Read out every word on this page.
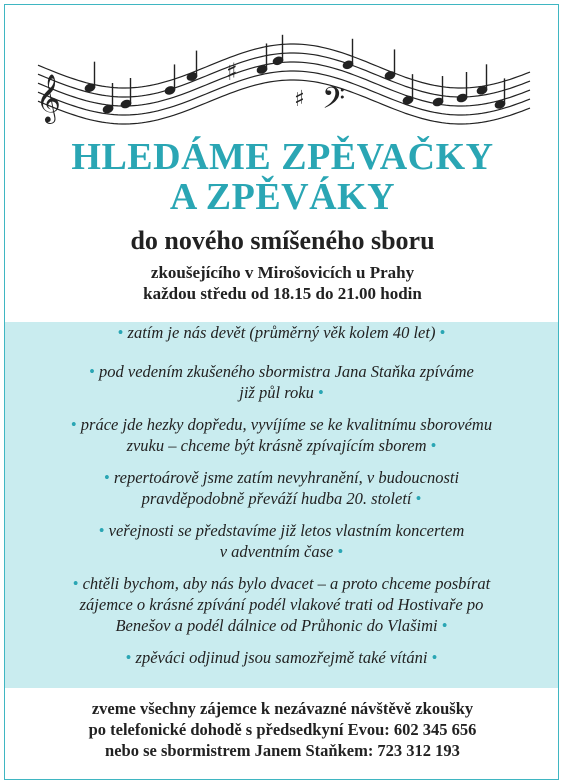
𝄞	𝄢
♯
♯
HLEDÁME ZPĚVAČKY
A ZPĚVÁKY
do nového smíšeného sboru
zkoušejícího v Mirošovicích u Prahy
každou středu od 18.15 do 21.00 hodin
• zatím je nás devět (průměrný věk kolem 40 let) •
• pod vedením zkušeného sbormistra Jana Staňka zpíváme
již půl roku •
• práce jde hezky dopředu, vyvíjíme se ke kvalitnímu sborovému
zvuku – chceme být krásně zpívajícím sborem •
• repertoárově jsme zatím nevyhranění, v budoucnosti
pravděpodobně převáží hudba 20. století •
• veřejnosti se představíme již letos vlastním koncertem
v adventním čase •
• chtěli bychom, aby nás bylo dvacet – a proto chceme posbírat
zájemce o krásné zpívání podél vlakové trati od Hostivaře po
Benešov a podél dálnice od Průhonic do Vlašimi •
• zpěváci odjinud jsou samozřejmě také vítáni •
zveme všechny zájemce k nezávazné návštěvě zkoušky
po telefonické dohodě s předsedkyní Evou: 602 345 656
nebo se sbormistrem Janem Staňkem: 723 312 193
